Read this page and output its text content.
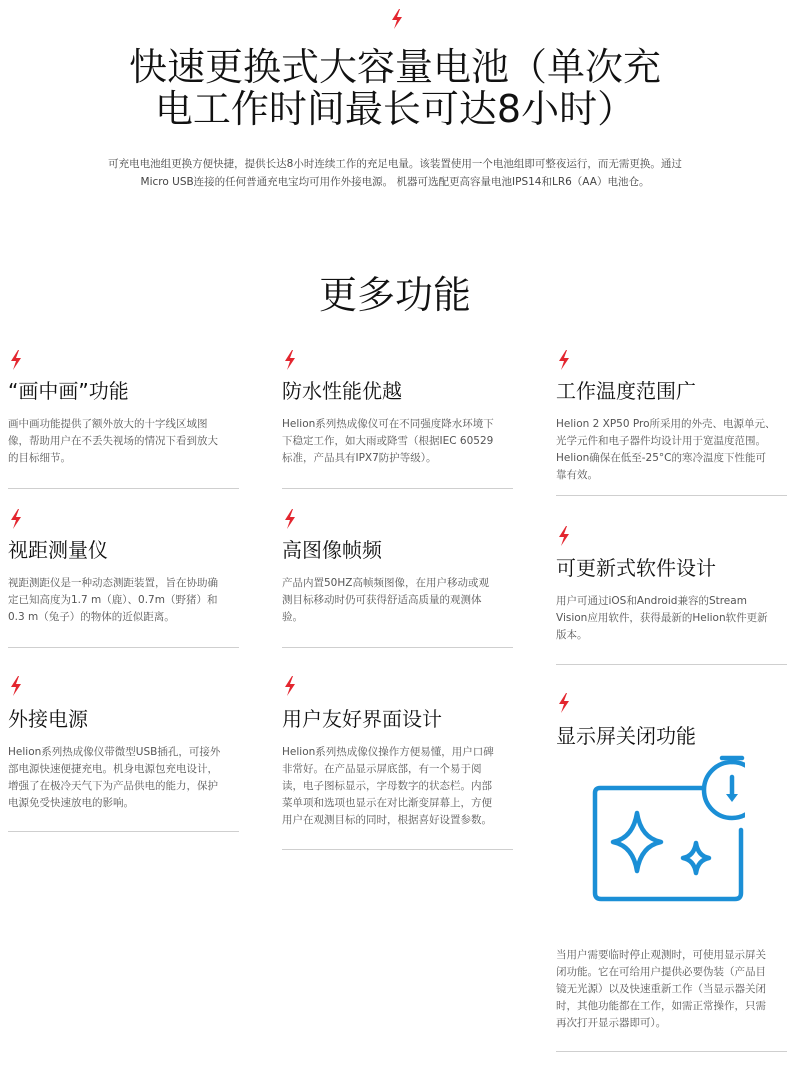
快速更换式大容量电池（单次充
电工作时间最长可达8小时）

可充电电池组更换方便快捷，提供长达8小时连续工作的充足电量。该装置使用一个电池组即可整夜运行，而无需更换。通过
Micro USB连接的任何普通充电宝均可用作外接电源。 机器可选配更高容量电池IPS14和LR6（AA）电池仓。

更多功能
“画中画”功能

画中画功能提供了额外放大的十字线区域图
像，帮助用户在不丢失视场的情况下看到放大
的目标细节。

视距测量仪

视距测距仪是一种动态测距装置，旨在协助确
定已知高度为1.7 m（鹿）、0.7m（野猪）和
0.3 m（兔子）的物体的近似距离。

外接电源

Helion系列热成像仪带微型USB插孔，可接外
部电源快速便捷充电。机身电源包充电设计，
增强了在极冷天气下为产品供电的能力，保护
电源免受快速放电的影响。

防水性能优越

Helion系列热成像仪可在不同强度降水环境下
下稳定工作，如大雨或降雪（根据IEC 60529
标准，产品具有IPX7防护等级）。

高图像帧频

产品内置50HZ高帧频图像，在用户移动或观
测目标移动时仍可获得舒适高质量的观测体
验。

用户友好界面设计

Helion系列热成像仪操作方便易懂，用户口碑
非常好。在产品显示屏底部，有一个易于阅
读，电子图标显示，字母数字的状态栏。内部
菜单项和选项也显示在对比渐变屏幕上，方便
用户在观测目标的同时，根据喜好设置参数。

工作温度范围广

Helion 2 XP50 Pro所采用的外壳、电源单元、
光学元件和电子器件均设计用于宽温度范围。
Helion确保在低至-25°C的寒冷温度下性能可
靠有效。

可更新式软件设计

用户可通过iOS和Android兼容的Stream
Vision应用软件，获得最新的Helion软件更新
版本。

显示屏关闭功能

当用户需要临时停止观测时，可使用显示屏关
闭功能。它在可给用户提供必要伪装（产品目
镜无光源）以及快速重新工作（当显示器关闭
时，其他功能都在工作，如需正常操作，只需
再次打开显示器即可）。
